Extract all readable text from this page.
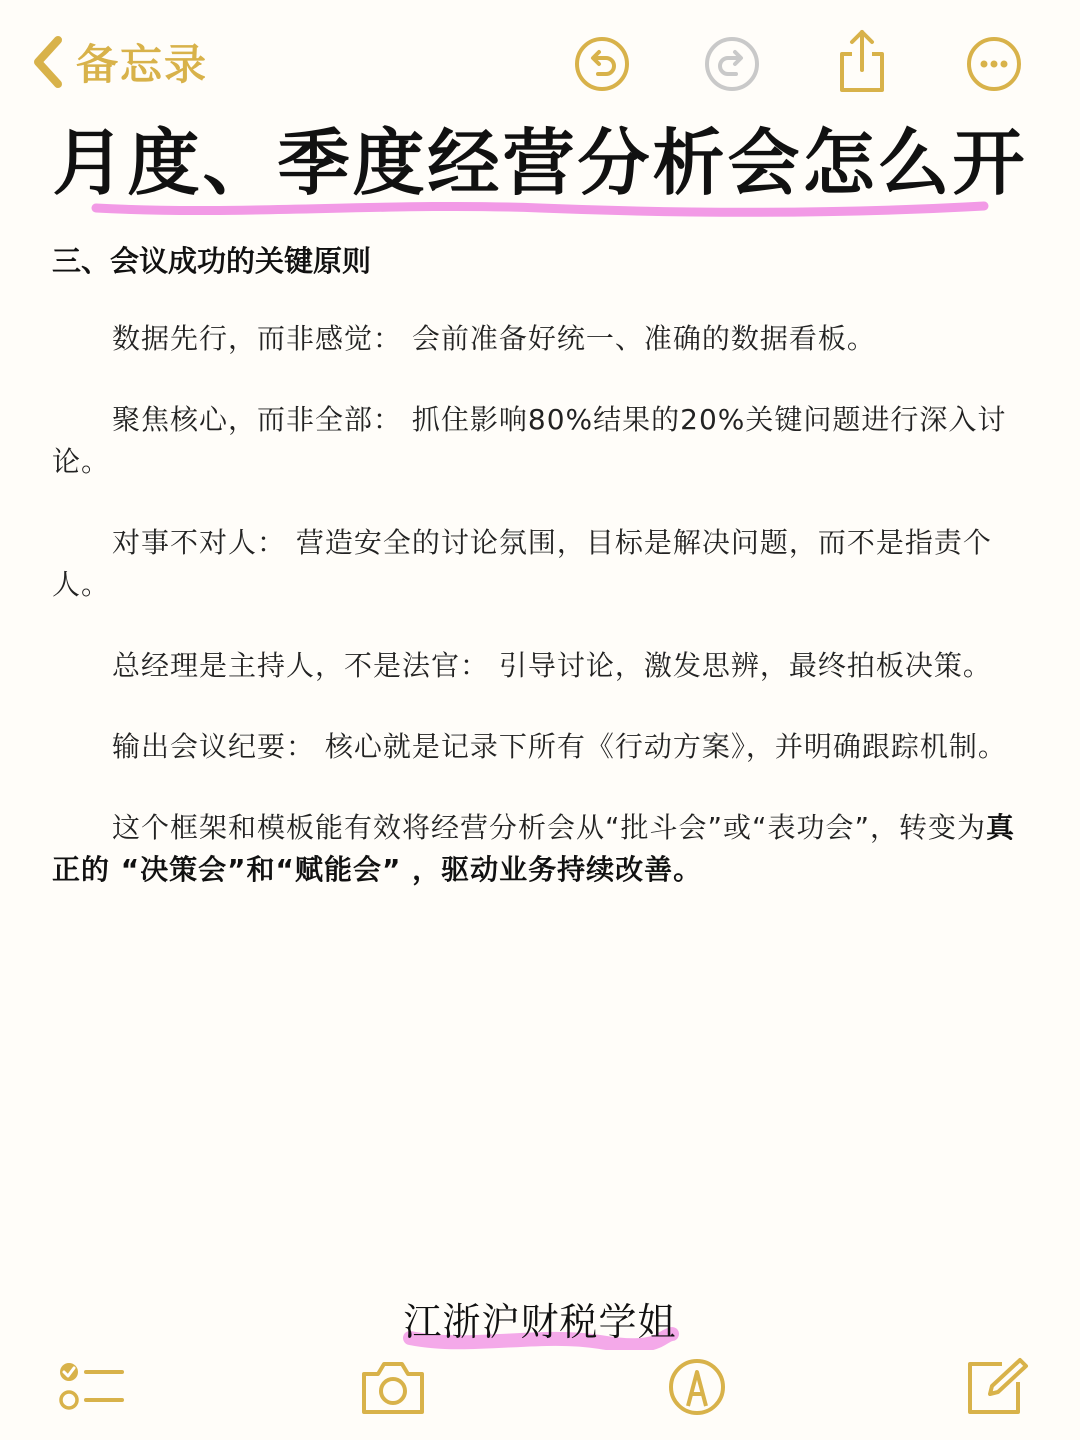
备忘录
月度、季度经营分析会怎么开
三、会议成功的关键原则

数据先行，而非感觉： 会前准备好统一、准确的数据看板。

聚焦核心，而非全部： 抓住影响80%结果的20%关键问题进行深入讨论。

对事不对人： 营造安全的讨论氛围，目标是解决问题，而不是指责个人。

总经理是主持人，不是法官： 引导讨论，激发思辨，最终拍板决策。

输出会议纪要： 核心就是记录下所有《行动方案》，并明确跟踪机制。

这个框架和模板能有效将经营分析会从“批斗会”或“表功会”，转变为真正的 “决策会”和“赋能会” ，驱动业务持续改善。

江浙沪财税学姐
